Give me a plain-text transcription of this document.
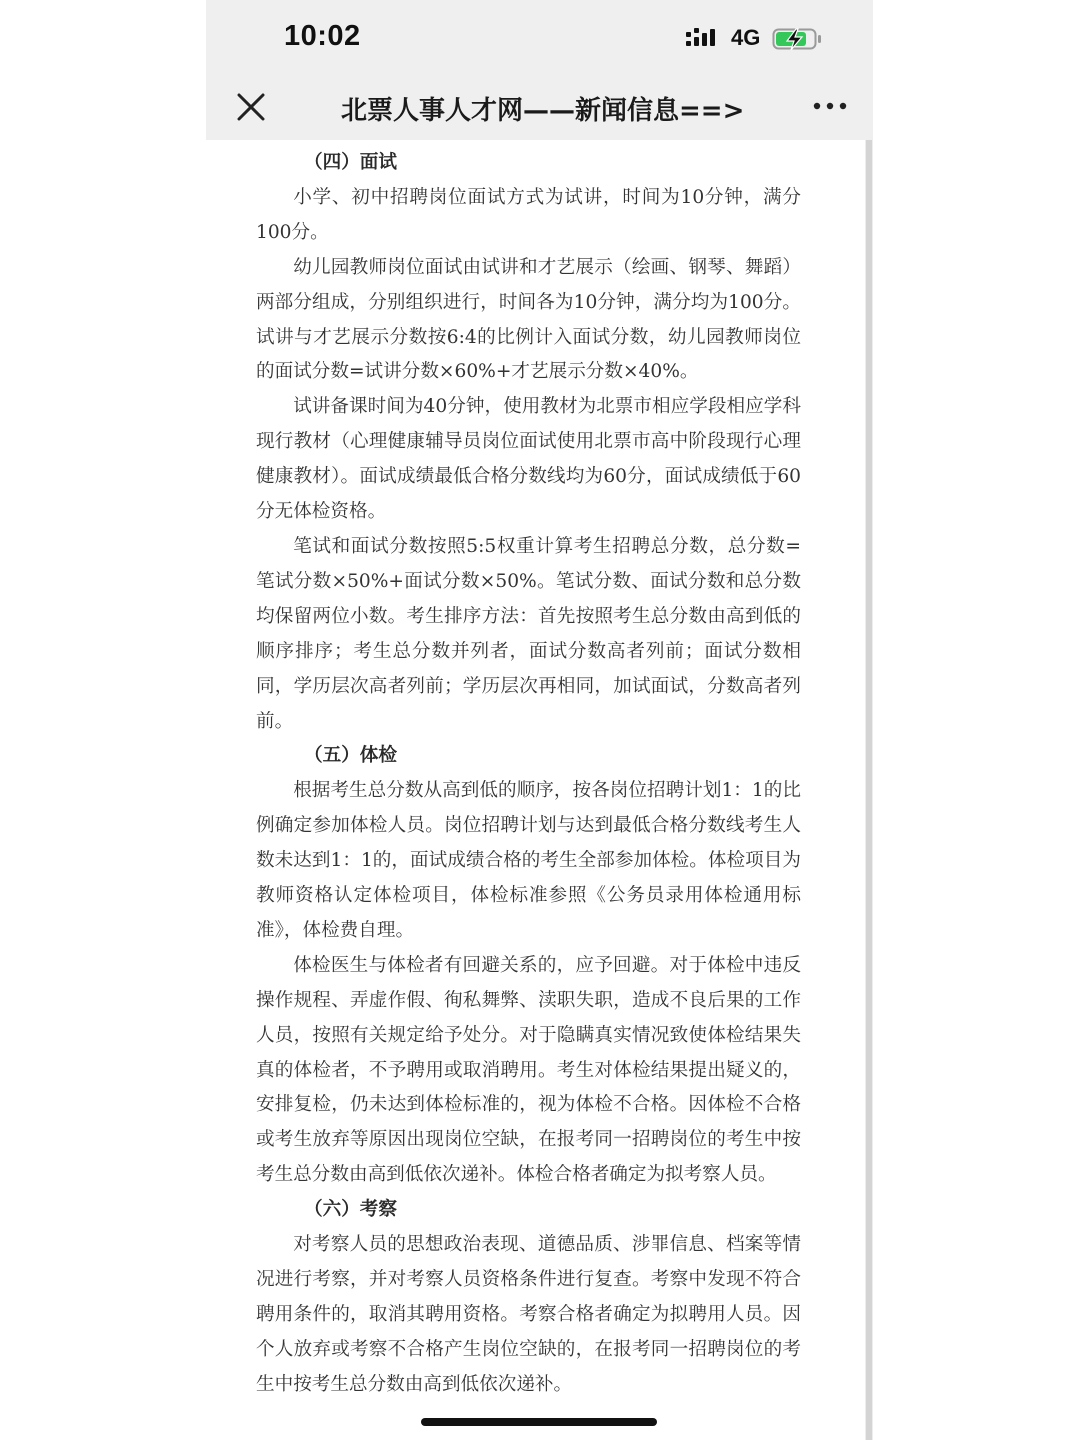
10:02	4G
北票人事人才网——新闻信息==>
（四）面试

小学、初中招聘岗位面试方式为试讲，时间为10分钟，满分100分。

幼儿园教师岗位面试由试讲和才艺展示（绘画、钢琴、舞蹈）两部分组成，分别组织进行，时间各为10分钟，满分均为100分。试讲与才艺展示分数按6:4的比例计入面试分数，幼儿园教师岗位的面试分数=试讲分数×60%+才艺展示分数×40%。

试讲备课时间为40分钟，使用教材为北票市相应学段相应学科现行教材（心理健康辅导员岗位面试使用北票市高中阶段现行心理健康教材）。面试成绩最低合格分数线均为60分，面试成绩低于60分无体检资格。

笔试和面试分数按照5:5权重计算考生招聘总分数，总分数=笔试分数×50%+面试分数×50%。笔试分数、面试分数和总分数均保留两位小数。考生排序方法：首先按照考生总分数由高到低的顺序排序；考生总分数并列者，面试分数高者列前；面试分数相同，学历层次高者列前；学历层次再相同，加试面试，分数高者列前。

（五）体检

根据考生总分数从高到低的顺序，按各岗位招聘计划1：1的比例确定参加体检人员。岗位招聘计划与达到最低合格分数线考生人数未达到1：1的，面试成绩合格的考生全部参加体检。体检项目为教师资格认定体检项目，体检标准参照《公务员录用体检通用标准》，体检费自理。

体检医生与体检者有回避关系的，应予回避。对于体检中违反操作规程、弄虚作假、徇私舞弊、渎职失职，造成不良后果的工作人员，按照有关规定给予处分。对于隐瞒真实情况致使体检结果失真的体检者，不予聘用或取消聘用。考生对体检结果提出疑义的，安排复检，仍未达到体检标准的，视为体检不合格。因体检不合格或考生放弃等原因出现岗位空缺，在报考同一招聘岗位的考生中按考生总分数由高到低依次递补。体检合格者确定为拟考察人员。

（六）考察

对考察人员的思想政治表现、道德品质、涉罪信息、档案等情况进行考察，并对考察人员资格条件进行复查。考察中发现不符合聘用条件的，取消其聘用资格。考察合格者确定为拟聘用人员。因个人放弃或考察不合格产生岗位空缺的，在报考同一招聘岗位的考生中按考生总分数由高到低依次递补。
